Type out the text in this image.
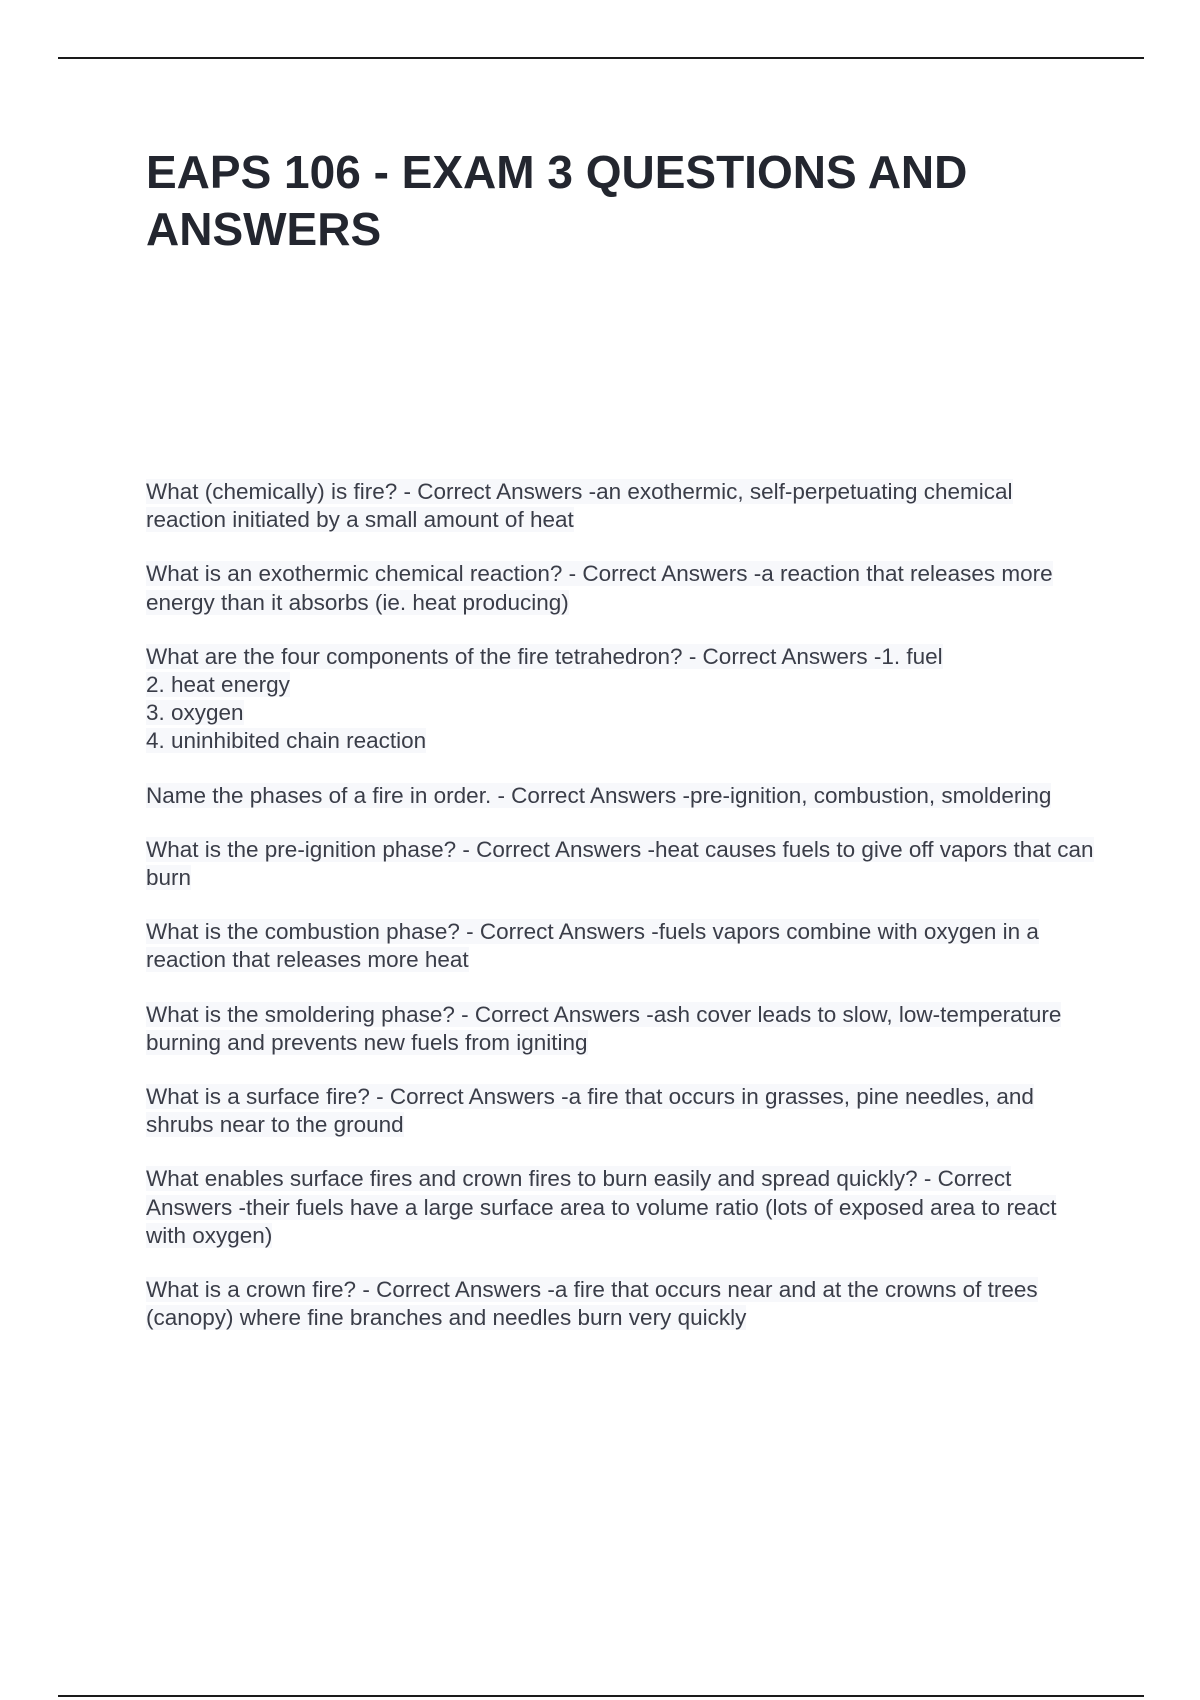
EAPS 106 - EXAM 3 QUESTIONS AND ANSWERS

What (chemically) is fire? - Correct Answers -an exothermic, self-perpetuating chemical reaction initiated by a small amount of heat

What is an exothermic chemical reaction? - Correct Answers -a reaction that releases more energy than it absorbs (ie. heat producing)

What are the four components of the fire tetrahedron? - Correct Answers -1. fuel
2. heat energy
3. oxygen
4. uninhibited chain reaction

Name the phases of a fire in order. - Correct Answers -pre-ignition, combustion, smoldering

What is the pre-ignition phase? - Correct Answers -heat causes fuels to give off vapors that can burn

What is the combustion phase? - Correct Answers -fuels vapors combine with oxygen in a reaction that releases more heat

What is the smoldering phase? - Correct Answers -ash cover leads to slow, low-temperature burning and prevents new fuels from igniting

What is a surface fire? - Correct Answers -a fire that occurs in grasses, pine needles, and shrubs near to the ground

What enables surface fires and crown fires to burn easily and spread quickly? - Correct Answers -their fuels have a large surface area to volume ratio (lots of exposed area to react with oxygen)

What is a crown fire? - Correct Answers -a fire that occurs near and at the crowns of trees (canopy) where fine branches and needles burn very quickly
